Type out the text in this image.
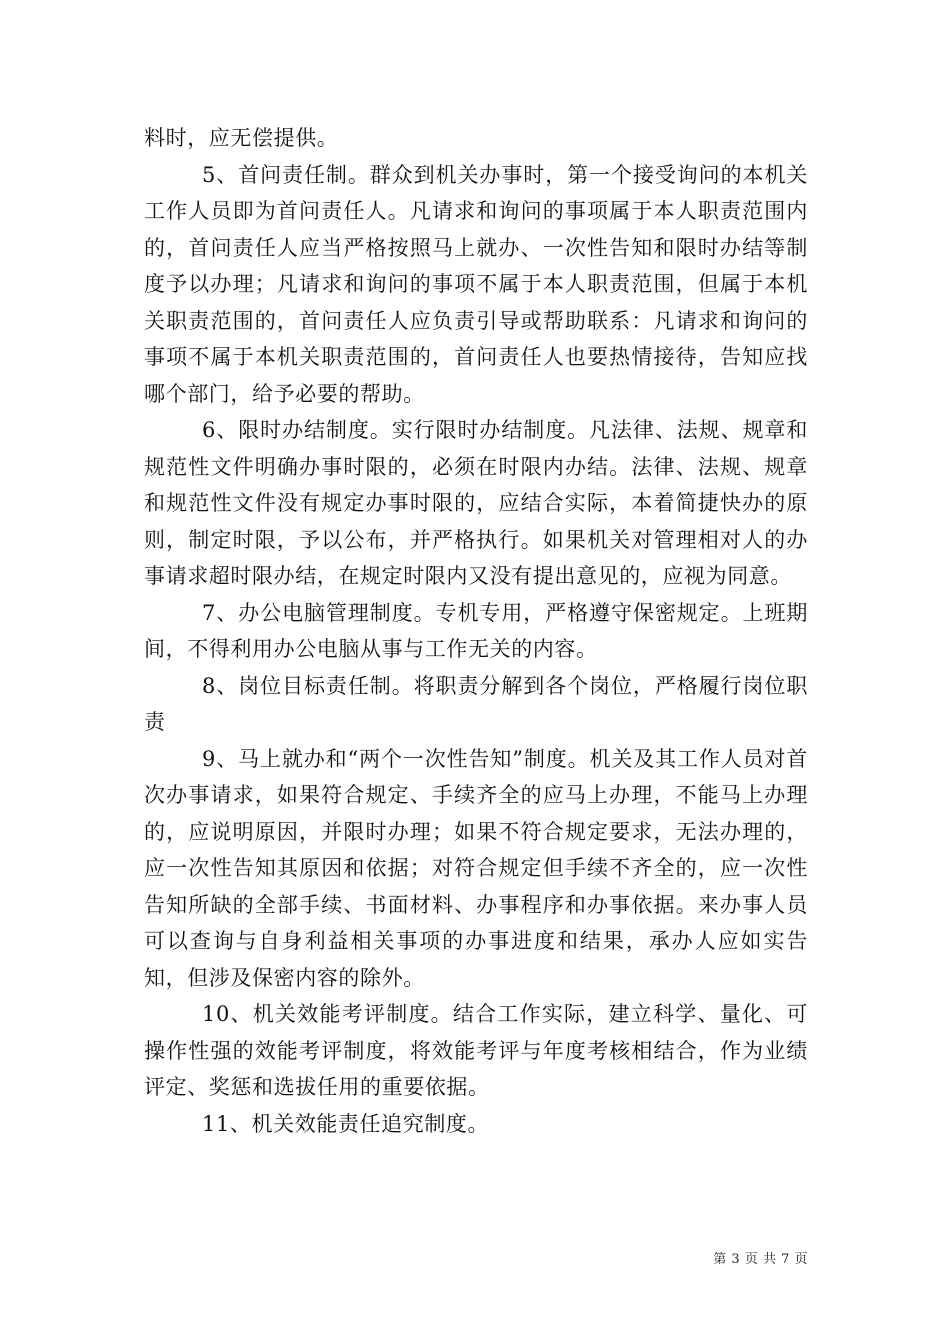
料时，应无偿提供。

5、首问责任制。群众到机关办事时，第一个接受询问的本机关工作人员即为首问责任人。凡请求和询问的事项属于本人职责范围内的，首问责任人应当严格按照马上就办、一次性告知和限时办结等制度予以办理；凡请求和询问的事项不属于本人职责范围，但属于本机关职责范围的，首问责任人应负责引导或帮助联系：凡请求和询问的事项不属于本机关职责范围的，首问责任人也要热情接待，告知应找哪个部门，给予必要的帮助。

6、限时办结制度。实行限时办结制度。凡法律、法规、规章和规范性文件明确办事时限的，必须在时限内办结。法律、法规、规章和规范性文件没有规定办事时限的，应结合实际，本着简捷快办的原则，制定时限，予以公布，并严格执行。如果机关对管理相对人的办事请求超时限办结，在规定时限内又没有提出意见的，应视为同意。

7、办公电脑管理制度。专机专用，严格遵守保密规定。上班期间，不得利用办公电脑从事与工作无关的内容。

8、岗位目标责任制。将职责分解到各个岗位，严格履行岗位职责

9、马上就办和“两个一次性告知”制度。机关及其工作人员对首次办事请求，如果符合规定、手续齐全的应马上办理，不能马上办理的，应说明原因，并限时办理；如果不符合规定要求，无法办理的，应一次性告知其原因和依据；对符合规定但手续不齐全的，应一次性告知所缺的全部手续、书面材料、办事程序和办事依据。来办事人员可以查询与自身利益相关事项的办事进度和结果，承办人应如实告知，但涉及保密内容的除外。

10、机关效能考评制度。结合工作实际，建立科学、量化、可操作性强的效能考评制度，将效能考评与年度考核相结合，作为业绩评定、奖惩和选拔任用的重要依据。

11、机关效能责任追究制度。

第 3 页 共 7 页
